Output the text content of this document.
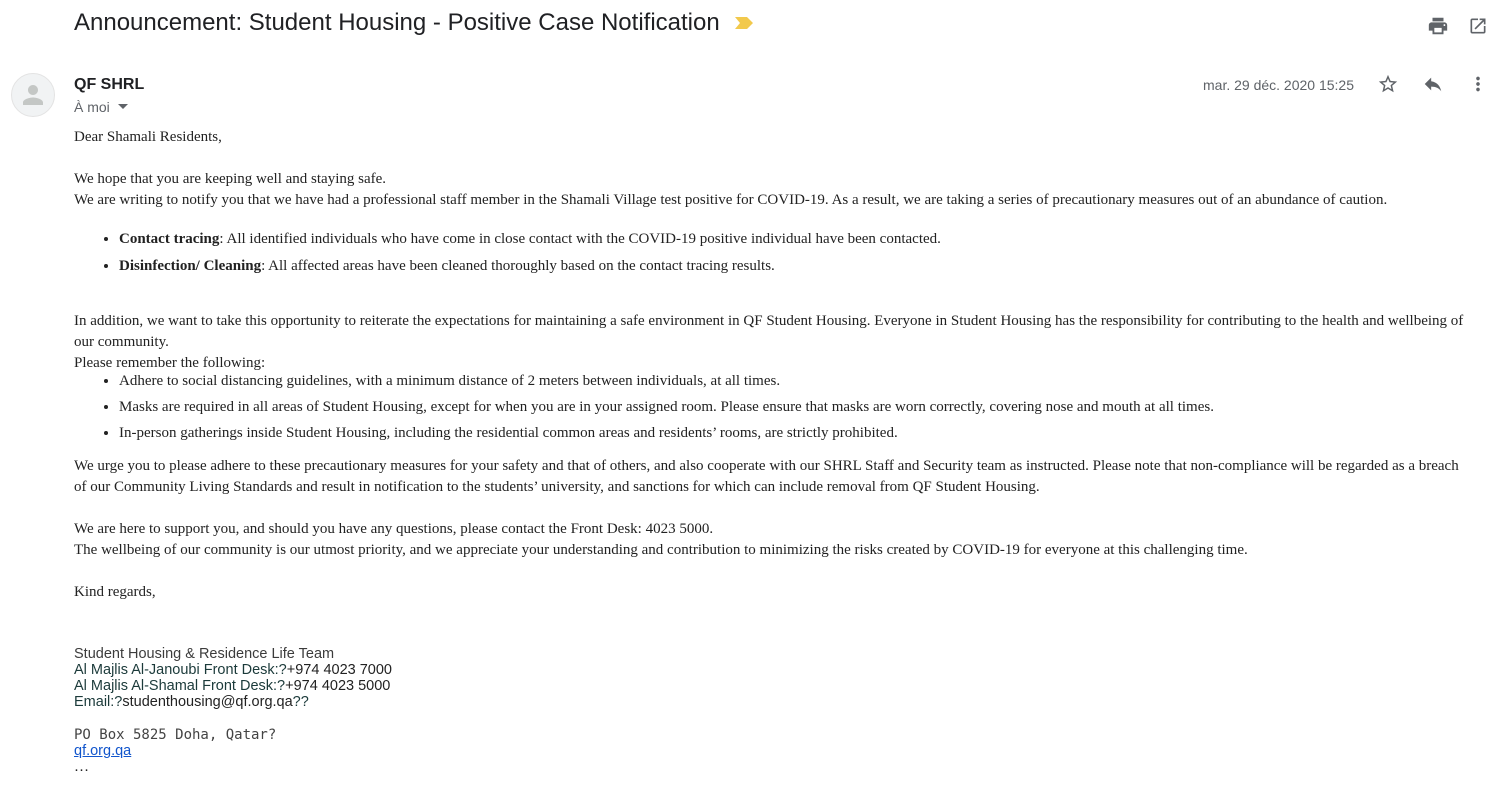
Announcement: Student Housing - Positive Case Notification
QF SHRL
À moi
mar. 29 déc. 2020 15:25

Dear Shamali Residents,

We hope that you are keeping well and staying safe.

We are writing to notify you that we have had a professional staff member in the Shamali Village test positive for COVID-19. As a result, we are taking a series of precautionary measures out of an abundance of caution.

• Contact tracing: All identified individuals who have come in close contact with the COVID-19 positive individual have been contacted.
• Disinfection/ Cleaning: All affected areas have been cleaned thoroughly based on the contact tracing results.

In addition, we want to take this opportunity to reiterate the expectations for maintaining a safe environment in QF Student Housing. Everyone in Student Housing has the responsibility for contributing to the health and wellbeing of our community.

Please remember the following:

• Adhere to social distancing guidelines, with a minimum distance of 2 meters between individuals, at all times.
• Masks are required in all areas of Student Housing, except for when you are in your assigned room. Please ensure that masks are worn correctly, covering nose and mouth at all times.
• In-person gatherings inside Student Housing, including the residential common areas and residents’ rooms, are strictly prohibited.

We urge you to please adhere to these precautionary measures for your safety and that of others, and also cooperate with our SHRL Staff and Security team as instructed. Please note that non-compliance will be regarded as a breach of our Community Living Standards and result in notification to the students’ university, and sanctions for which can include removal from QF Student Housing.

We are here to support you, and should you have any questions, please contact the Front Desk: 4023 5000.

The wellbeing of our community is our utmost priority, and we appreciate your understanding and contribution to minimizing the risks created by COVID-19 for everyone at this challenging time.

Kind regards,

Student Housing & Residence Life Team
Al Majlis Al-Janoubi Front Desk:?+974 4023 7000
Al Majlis Al-Shamal Front Desk:?+974 4023 5000
Email:?studenthousing@qf.org.qa??
PO Box 5825 Doha, Qatar?
qf.org.qa
…
